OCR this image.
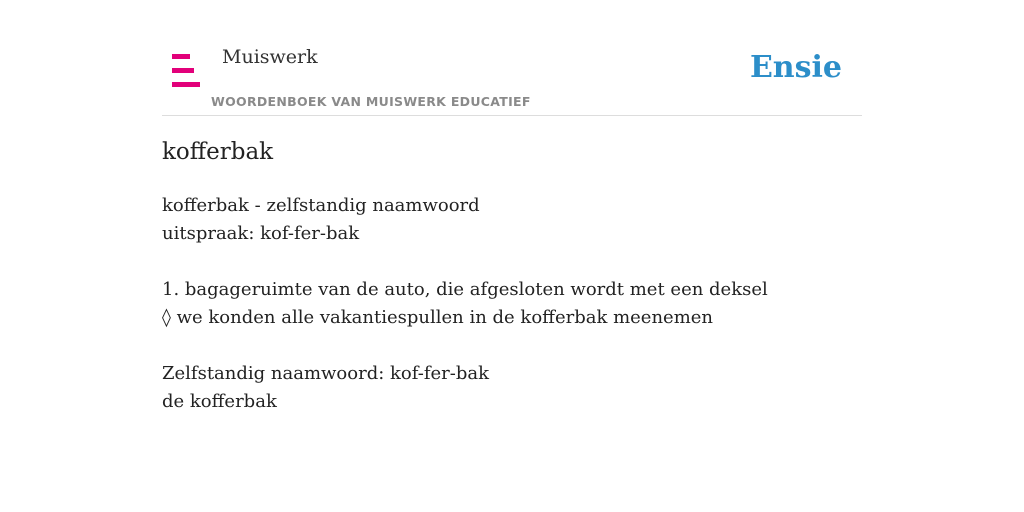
Muiswerk
WOORDENBOEK VAN MUISWERK EDUCATIEF
Ensie
kofferbak
kofferbak - zelfstandig naamwoord
uitspraak: kof-fer-bak
1. bagageruimte van de auto, die afgesloten wordt met een deksel
◊ we konden alle vakantiespullen in de kofferbak meenemen
Zelfstandig naamwoord: kof-fer-bak
de kofferbak
